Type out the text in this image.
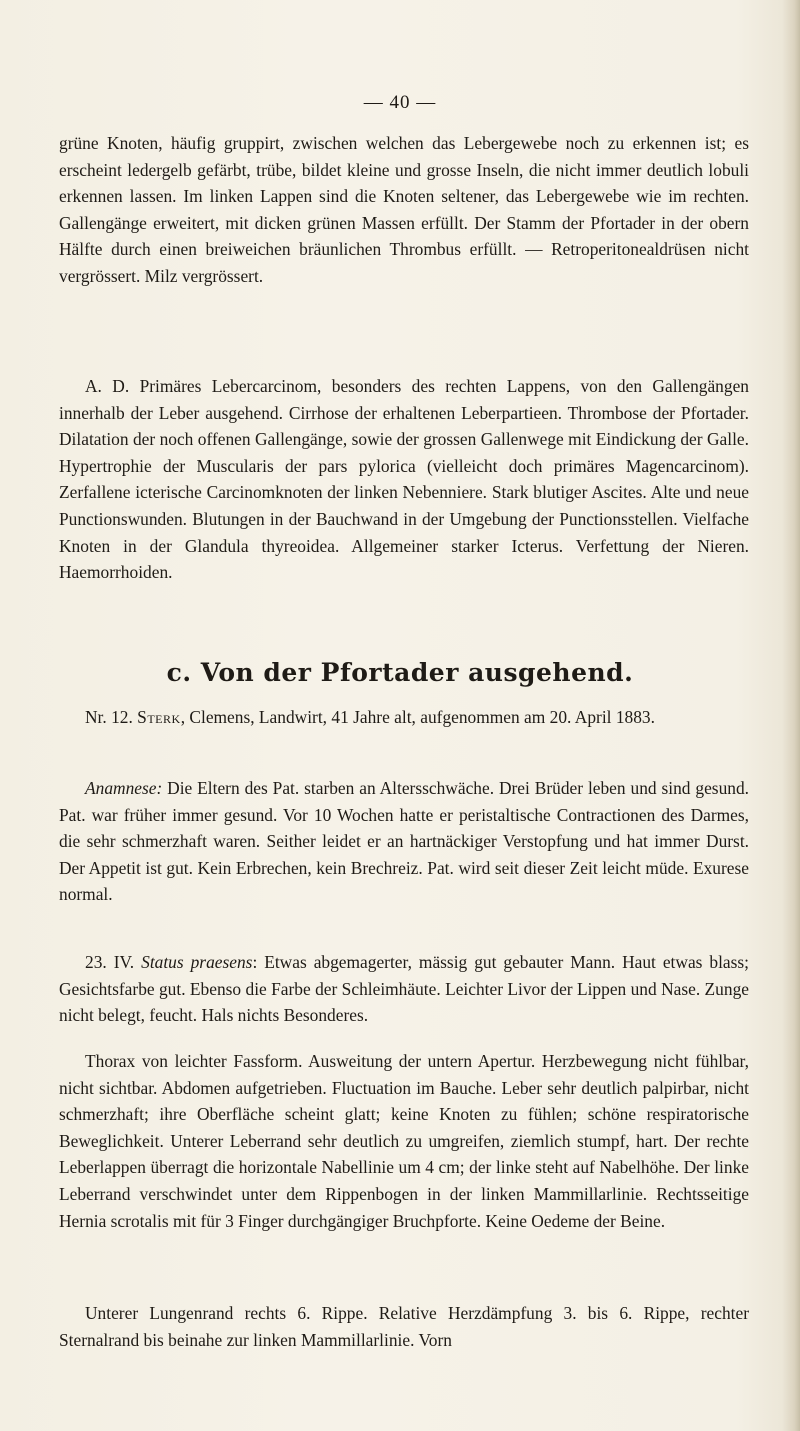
— 40 —

grüne Knoten, häufig gruppirt, zwischen welchen das Lebergewebe noch zu erkennen ist; es erscheint ledergelb gefärbt, trübe, bildet kleine und grosse Inseln, die nicht immer deutlich lobuli erkennen lassen. Im linken Lappen sind die Knoten seltener, das Lebergewebe wie im rechten. Gallengänge erweitert, mit dicken grünen Massen erfüllt. Der Stamm der Pfortader in der obern Hälfte durch einen breiweichen bräunlichen Thrombus erfüllt. — Retroperitonealdrüsen nicht vergrössert. Milz vergrössert.

A. D. Primäres Lebercarcinom, besonders des rechten Lappens, von den Gallengängen innerhalb der Leber ausgehend. Cirrhose der erhaltenen Leberpartieen. Thrombose der Pfortader. Dilatation der noch offenen Gallengänge, sowie der grossen Gallenwege mit Eindickung der Galle. Hypertrophie der Muscularis der pars pylorica (vielleicht doch primäres Magencarcinom). Zerfallene icterische Carcinomknoten der linken Nebenniere. Stark blutiger Ascites. Alte und neue Punctionswunden. Blutungen in der Bauchwand in der Umgebung der Punctionsstellen. Vielfache Knoten in der Glandula thyreoidea. Allgemeiner starker Icterus. Verfettung der Nieren. Haemorrhoiden.

c. Von der Pfortader ausgehend.

Nr. 12. Sterk, Clemens, Landwirt, 41 Jahre alt, aufgenommen am 20. April 1883.

Anamnese: Die Eltern des Pat. starben an Altersschwäche. Drei Brüder leben und sind gesund. Pat. war früher immer gesund. Vor 10 Wochen hatte er peristaltische Contractionen des Darmes, die sehr schmerzhaft waren. Seither leidet er an hartnäckiger Verstopfung und hat immer Durst. Der Appetit ist gut. Kein Erbrechen, kein Brechreiz. Pat. wird seit dieser Zeit leicht müde. Exurese normal.

23. IV. Status praesens: Etwas abgemagerter, mässig gut gebauter Mann. Haut etwas blass; Gesichtsfarbe gut. Ebenso die Farbe der Schleimhäute. Leichter Livor der Lippen und Nase. Zunge nicht belegt, feucht. Hals nichts Besonderes.

Thorax von leichter Fassform. Ausweitung der untern Apertur. Herzbewegung nicht fühlbar, nicht sichtbar. Abdomen aufgetrieben. Fluctuation im Bauche. Leber sehr deutlich palpirbar, nicht schmerzhaft; ihre Oberfläche scheint glatt; keine Knoten zu fühlen; schöne respiratorische Beweglichkeit. Unterer Leberrand sehr deutlich zu umgreifen, ziemlich stumpf, hart. Der rechte Leberlappen überragt die horizontale Nabellinie um 4 cm; der linke steht auf Nabelhöhe. Der linke Leberrand verschwindet unter dem Rippenbogen in der linken Mammillarlinie. Rechtsseitige Hernia scrotalis mit für 3 Finger durchgängiger Bruchpforte. Keine Oedeme der Beine.

Unterer Lungenrand rechts 6. Rippe. Relative Herzdämpfung 3. bis 6. Rippe, rechter Sternalrand bis beinahe zur linken Mammillarlinie. Vorn
